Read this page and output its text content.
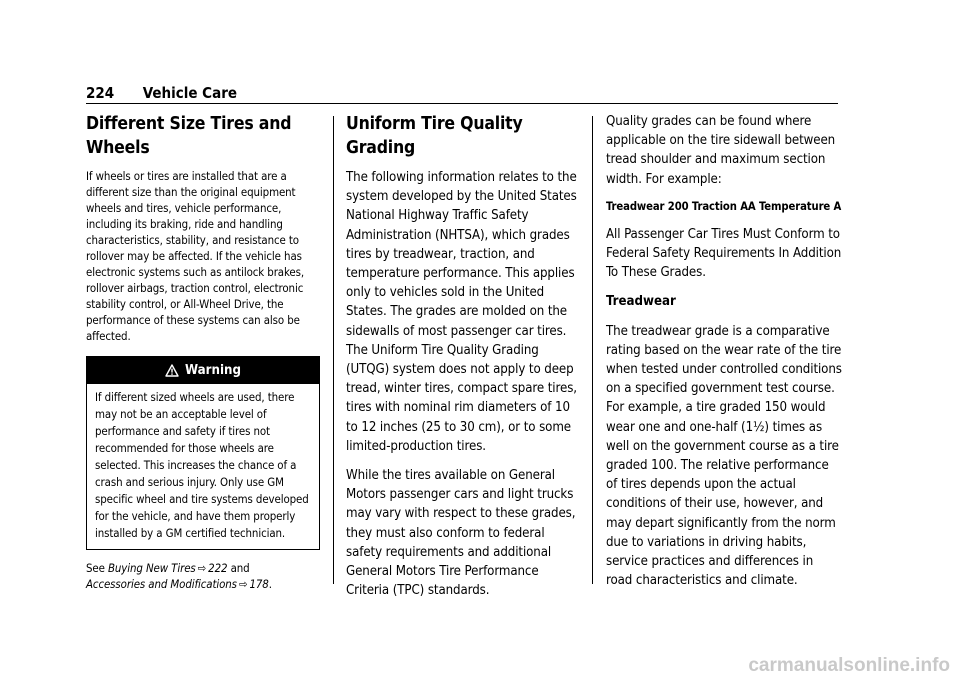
224 Vehicle Care
Different Size Tires and Wheels

If wheels or tires are installed that are a different size than the original equipment wheels and tires, vehicle performance, including its braking, ride and handling characteristics, stability, and resistance to rollover may be affected. If the vehicle has electronic systems such as antilock brakes, rollover airbags, traction control, electronic stability control, or All-Wheel Drive, the performance of these systems can also be affected.

Warning
If different sized wheels are used, there may not be an acceptable level of performance and safety if tires not recommended for those wheels are selected. This increases the chance of a crash and serious injury. Only use GM specific wheel and tire systems developed for the vehicle, and have them properly installed by a GM certified technician.
See Buying New Tires ⇨ 222 and
Accessories and Modifications ⇨ 178.
Uniform Tire Quality Grading

The following information relates to the system developed by the United States National Highway Traffic Safety Administration (NHTSA), which grades tires by treadwear, traction, and temperature performance. This applies only to vehicles sold in the United States. The grades are molded on the sidewalls of most passenger car tires. The Uniform Tire Quality Grading (UTQG) system does not apply to deep tread, winter tires, compact spare tires, tires with nominal rim diameters of 10 to 12 inches (25 to 30 cm), or to some limited-production tires.

While the tires available on General Motors passenger cars and light trucks may vary with respect to these grades, they must also conform to federal safety requirements and additional General Motors Tire Performance Criteria (TPC) standards.

Quality grades can be found where applicable on the tire sidewall between tread shoulder and maximum section width. For example:

Treadwear 200 Traction AA Temperature A

All Passenger Car Tires Must Conform to Federal Safety Requirements In Addition To These Grades.

Treadwear

The treadwear grade is a comparative rating based on the wear rate of the tire when tested under controlled conditions on a specified government test course. For example, a tire graded 150 would wear one and one-half (1½) times as well on the government course as a tire graded 100. The relative performance of tires depends upon the actual conditions of their use, however, and may depart significantly from the norm due to variations in driving habits, service practices and differences in road characteristics and climate.

carmanualsonline.info
